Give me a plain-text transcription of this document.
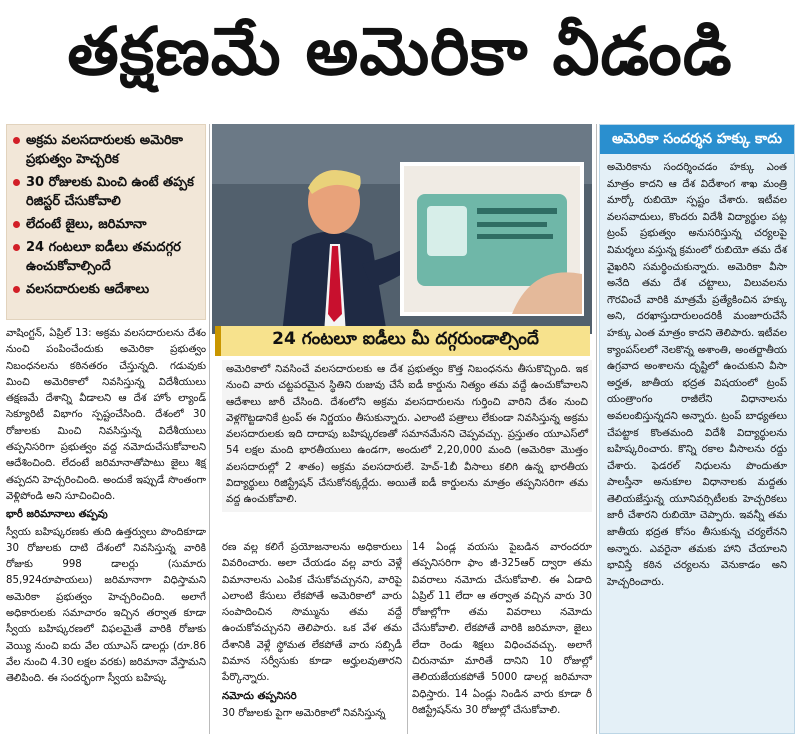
తక్షణమే అమెరికా వీడండి
అక్రమ వలసదారులకు అమెరికా ప్రభుత్వం హెచ్చరిక
30 రోజులకు మించి ఉంటే తప్పక రిజిస్టర్ చేసుకోవాలి
లేదంటే జైలు, జరిమానా
24 గంటలూ ఐడీలు తమదగ్గర ఉంచుకోవాల్సిందే
వలసదారులకు ఆదేశాలు
24 గంటలూ ఐడీలు మీ దగ్గరుండాల్సిందే
అమెరికా సందర్శన హక్కు కాదు
అమెరికాను సందర్శించడం హక్కు ఎంత మాత్రం కాదని ఆ దేశ విదేశాంగ శాఖ మంత్రి మార్కో రుబియో స్పష్టం చేశారు. ఇటీవల వలసవాదులు, కొందరు విదేశీ విద్యార్థుల పట్ల ట్రంప్ ప్రభుత్వం అనుసరిస్తున్న చర్యలపై విమర్శలు వస్తున్న క్రమంలో రుబియో తమ దేశ వైఖరిని సమర్థించుకున్నారు. అమెరికా వీసా అనేది తమ దేశ చట్టాలు, విలువలను గౌరవించే వారికి మాత్రమే ప్రత్యేకించిన హక్కు అని, దరఖాస్తుదారులందరికీ మంజూరుచేసే హక్కు ఎంత మాత్రం కాదని తెలిపారు. ఇటీవల క్యాంపస్‌లలో నెలకొన్న అశాంతి, అంతర్జాతీయ ఉగ్రవాద అంశాలను దృష్టిలో ఉంచుకుని వీసా అర్హత, జాతీయ భద్రత విషయంలో ట్రంప్ యంత్రాంగం రాజీలేని విధానాలను అవలంబిస్తున్నదని అన్నారు. ట్రంప్ బాధ్యతలు చేపట్టాక కొంతమంది విదేశీ విద్యార్థులను బహిష్కరించారు. కొన్ని రకాల వీసాలను రద్దు చేశారు. ఫెడరల్ నిధులను పొందుతూ పాలస్తీనా అనుకూల విధానాలకు మద్దతు తెలియజేస్తున్న యూనివర్సిటీలకు హెచ్చరికలు జారీ చేశారని రుబియో చెప్పారు. ఇవన్నీ తమ జాతీయ భద్రత కోసం తీసుకున్న చర్యలేనని అన్నారు. ఎవరైనా తమకు హాని చేయాలని భావిస్తే కఠిన చర్యలను వెనుకాడం అని హెచ్చరించారు.

వాషింగ్టన్, ఏప్రిల్ 13: అక్రమ వలసదారులను దేశం నుంచి పంపించేందుకు అమెరికా ప్రభుత్వం నిబంధనలను కఠినతరం చేస్తున్నది. గడువుకు మించి అమెరికాలో నివసిస్తున్న విదేశీయులు తక్షణమే దేశాన్ని వీడాలని ఆ దేశ హోం ల్యాండ్ సెక్యూరిటీ విభాగం స్పష్టంచేసింది. దేశంలో 30 రోజులకు మించి నివసిస్తున్న విదేశీయులు తప్పనిసరిగా ప్రభుత్వం వద్ద నమోదుచేసుకోవాలని ఆదేశించింది. లేదంటే జరిమానాతోపాటు జైలు శిక్ష తప్పదని హెచ్చరించింది. అందుకే ఇప్పుడే సొంతంగా వెళ్లిపోండి అని సూచించింది.

భారీ జరిమానాలు తప్పవు

స్వీయ బహిష్కరణకు తుది ఉత్తర్వులు పొందికూడా 30 రోజులకు దాటి దేశంలో నివసిస్తున్న వారికి రోజుకు 998 డాలర్లు (సుమారు 85,924రూపాయలు) జరిమానాగా విధిస్తామని అమెరికా ప్రభుత్వం హెచ్చరించింది. అలాగే అధికారులకు సమాచారం ఇచ్చిన తర్వాత కూడా స్వీయ బహిష్కరణలో విఫలమైతే వారికి రోజుకు వెయ్యి నుంచి ఐదు వేల యూఎస్ డాలర్లు (రూ.86 వేల నుంచి 4.30 లక్షల వరకు) జరిమానా వేస్తామని తెలిపింది. ఈ సందర్భంగా స్వీయ బహిష్క

అమెరికాలో నివసించే వలసదారులకు ఆ దేశ ప్రభుత్వం కొత్త నిబంధనను తీసుకొచ్చింది. ఇక నుంచి వారు చట్టపరమైన స్థితిని రుజువు చేసే ఐడీ కార్డును నిత్యం తమ వద్దే ఉంచుకోవాలని ఆదేశాలు జారీ చేసింది. దేశంలోని అక్రమ వలసదారులను గుర్తించి వారిని దేశం నుంచి వెళ్లగొట్టడానికే ట్రంప్ ఈ నిర్ణయం తీసుకున్నారు. ఎలాంటి పత్రాలు లేకుండా నివసిస్తున్న అక్రమ వలసదారులకు ఇది దాదాపు బహిష్కరణతో సమానమేనని చెప్పవచ్చు. ప్రస్తుతం యూఎస్‌లో 54 లక్షల మంది భారతీయులు ఉండగా, అందులో 2,20,000 మంది (అమెరికా మొత్తం వలసదారుల్లో 2 శాతం) అక్రమ వలసదారులే. హెచ్-1బీ వీసాలు కలిగి ఉన్న భారతీయ విద్యార్థులు రిజిస్ట్రేషన్ చేసుకోనక్కర్లేదు. అయితే ఐడీ కార్డులను మాత్రం తప్పనిసరిగా తమ వద్ద ఉంచుకోవాలి.

రణ వల్ల కలిగే ప్రయోజనాలను అధికారులు వివరించారు. అలా చేయడం వల్ల వారు వెళ్లే విమానాలను ఎంపిక చేసుకోవచ్చునని, వారిపై ఎలాంటి కేసులు లేకపోతే అమెరికాలో వారు సంపాదించిన సొమ్మును తమ వద్దే ఉంచుకోవచ్చునని తెలిపారు. ఒక వేళ తమ దేశానికి వెళ్లే స్థోమత లేకపోతే వారు సబ్సిడీ విమాన సర్వీసుకు కూడా అర్హులవుతారని పేర్కొన్నారు.

నమోదు తప్పనిసరి

30 రోజులకు పైగా అమెరికాలో నివసిస్తున్న

14 ఏండ్ల వయసు పైబడిన వారందరూ తప్పనిసరిగా ఫాం జీ-325ఆర్ ద్వారా తమ వివరాలు నమోదు చేసుకోవాలి. ఈ ఏడాది ఏప్రిల్ 11 లేదా ఆ తర్వాత వచ్చిన వారు 30 రోజుల్లోగా తమ వివరాలు నమోదు చేసుకోవాలి. లేకపోతే వారికి జరిమానా, జైలు లేదా రెండు శిక్షలు విధించవచ్చు. అలాగే చిరునామా మారితే దానిని 10 రోజుల్లో తెలియజేయకపోతే 5000 డాలర్ల జరిమానా విధిస్తారు. 14 ఏండ్లు నిండిన వారు కూడా రీ రిజిస్ట్రేషన్‌ను 30 రోజుల్లో చేసుకోవాలి.
